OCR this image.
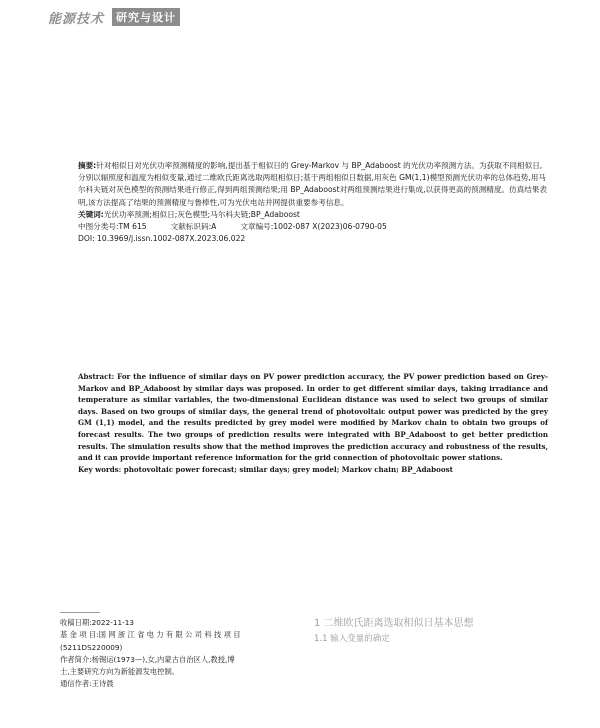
能源技术	研究与设计

摘要:针对相似日对光伏功率预测精度的影响,提出基于相似日的 Grey-Markov 与 BP_Adaboost 的光伏功率预测方法。为获取不同相似日,分别以辐照度和温度为相似变量,通过二维欧氏距离选取两组相似日;基于两组相似日数据,用灰色 GM(1,1)模型预测光伏功率的总体趋势,用马尔科夫链对灰色模型的预测结果进行修正,得到两组预测结果;用 BP_Adaboost对两组预测结果进行集成,以获得更高的预测精度。仿真结果表明,该方法提高了结果的预测精度与鲁棒性,可为光伏电站并网提供重要参考信息。

关键词:光伏功率预测;相似日;灰色模型;马尔科夫链;BP_Adaboost

中图分类号:TM 615	文献标识码:A	文章编号:1002-087 X(2023)06-0790-05

DOI: 10.3969/j.issn.1002-087X.2023.06.022

Abstract: For the influence of similar days on PV power prediction accuracy, the PV power prediction based on Grey-Markov and BP_Adaboost by similar days was proposed. In order to get different similar days, taking irradiance and temperature as similar variables, the two-dimensional Euclidean distance was used to select two groups of similar days. Based on two groups of similar days, the general trend of photovoltaic output power was predicted by the grey GM (1,1) model, and the results predicted by grey model were modified by Markov chain to obtain two groups of forecast results. The two groups of prediction results were integrated with BP_Adaboost to get better prediction results. The simulation results show that the method improves the prediction accuracy and robustness of the results, and it can provide important reference information for the grid connection of photovoltaic power stations.

Key words: photovoltaic power forecast; similar days; grey model; Markov chain; BP_Adaboost

收稿日期:2022-11-13

基 金 项 目:国 网 浙 江 省 电 力 有 限 公 司 科 技 项 目

(5211DS220009)

作者简介:杨锡运(1973—),女,内蒙古自治区人,教授,博

士,主要研究方向为新能源发电控制。

通信作者:王诗晨

1 二维欧氏距离选取相似日基本思想

1.1 输入变量的确定
